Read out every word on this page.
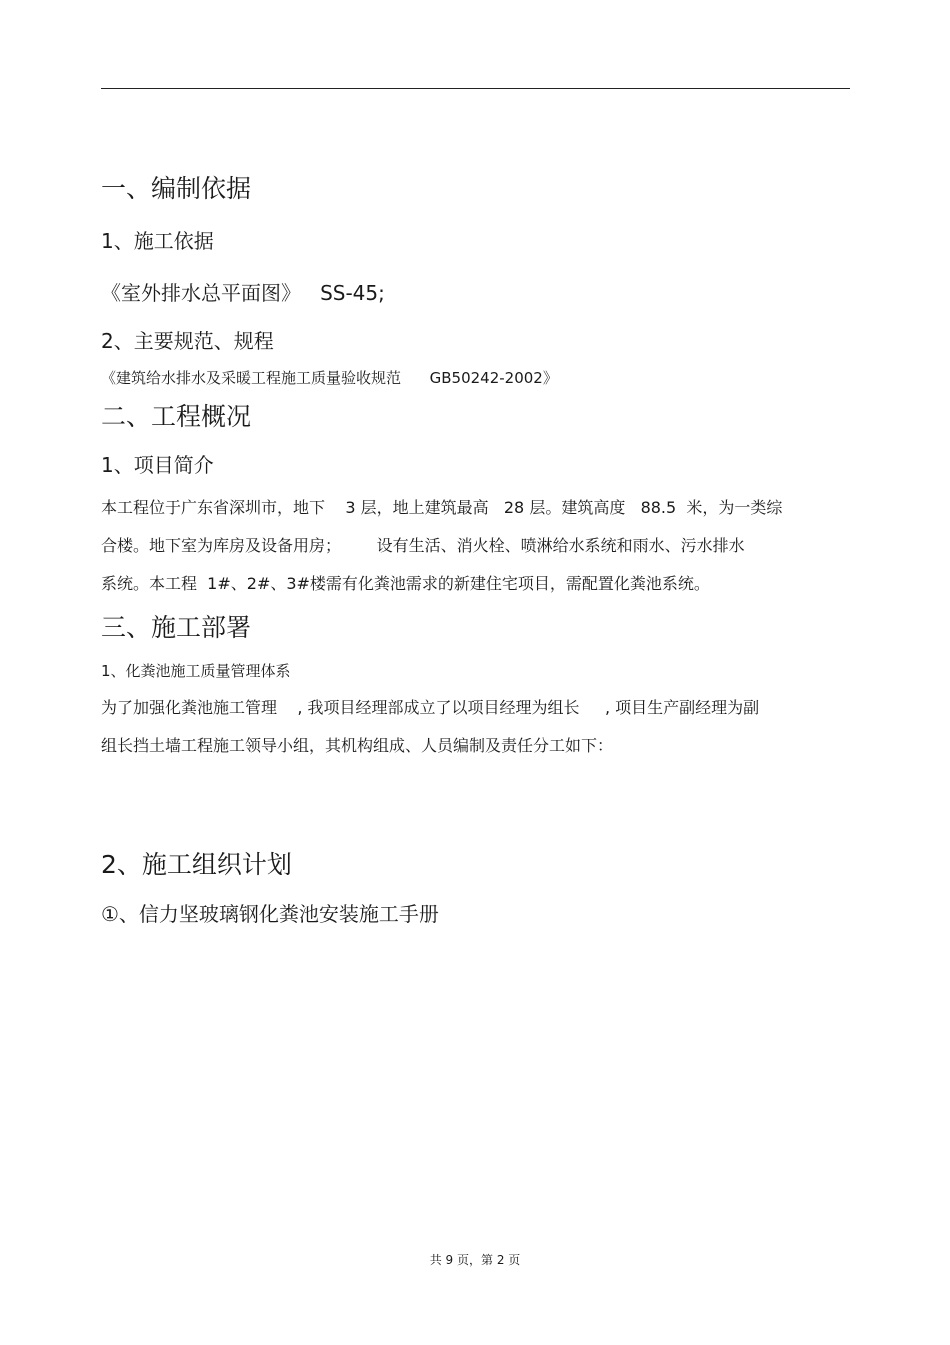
一、编制依据
1、施工依据
《室外排水总平面图》   SS-45;
2、主要规范、规程
《建筑给水排水及采暖工程施工质量验收规范      GB50242-2002》
二、工程概况
1、项目简介
本工程位于广东省深圳市，地下    3 层，地上建筑最高   28 层。建筑高度   88.5  米，为一类综
合楼。地下室为库房及设备用房；       设有生活、消火栓、喷淋给水系统和雨水、污水排水
系统。本工程  1#、2#、3#楼需有化粪池需求的新建住宅项目，需配置化粪池系统。
三、施工部署
1、化粪池施工质量管理体系
为了加强化粪池施工管理    , 我项目经理部成立了以项目经理为组长     , 项目生产副经理为副
组长挡土墙工程施工领导小组，其机构组成、人员编制及责任分工如下：
2、施工组织计划
①、信力坚玻璃钢化粪池安装施工手册
共 9 页，第 2 页
